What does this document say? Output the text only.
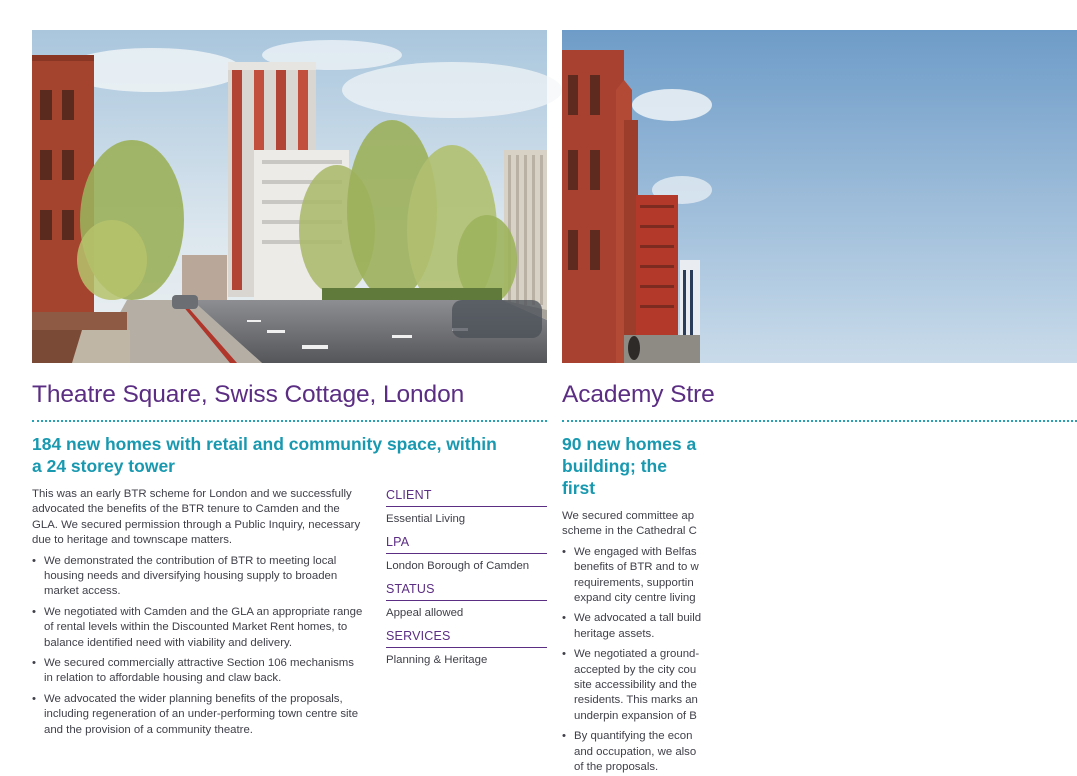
Theatre Square, Swiss Cottage, London
184 new homes with retail and community space, within a 24 storey tower

This was an early BTR scheme for London and we successfully advocated the benefits of the BTR tenure to Camden and the GLA. We secured permission through a Public Inquiry, necessary due to heritage and townscape matters.

• We demonstrated the contribution of BTR to meeting local housing needs and diversifying housing supply to broaden market access.
• We negotiated with Camden and the GLA an appropriate range of rental levels within the Discounted Market Rent homes, to balance identified need with viability and delivery.
• We secured commercially attractive Section 106 mechanisms in relation to affordable housing and claw back.
• We advocated the wider planning benefits of the proposals, including regeneration of an under-performing town centre site and the provision of a community theatre.
CLIENT
Essential Living
LPA
London Borough of Camden
STATUS
Appeal allowed
SERVICES
Planning & Heritage
Academy Stre
90 new homes a building; the first

We secured committee ap scheme in the Cathedral C

• We engaged with Belfas benefits of BTR and to w requirements, supportin expand city centre living
• We advocated a tall build heritage assets.
• We negotiated a ground- accepted by the city cou site accessibility and the residents. This marks an underpin expansion of B
• By quantifying the econ and occupation, we also of the proposals.
